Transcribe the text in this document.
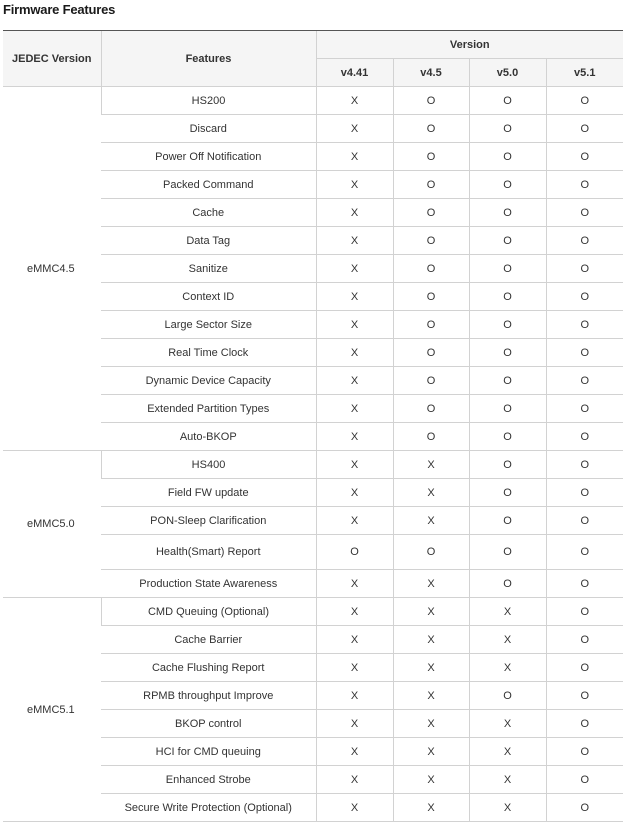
Firmware Features
JEDEC Version	Features	Version			
		v4.41	v4.5	v5.0	v5.1
eMMC4.5	HS200	X	O	O	O
	Discard	X	O	O	O
	Power Off Notification	X	O	O	O
	Packed Command	X	O	O	O
	Cache	X	O	O	O
	Data Tag	X	O	O	O
	Sanitize	X	O	O	O
	Context ID	X	O	O	O
	Large Sector Size	X	O	O	O
	Real Time Clock	X	O	O	O
	Dynamic Device Capacity	X	O	O	O
	Extended Partition Types	X	O	O	O
	Auto-BKOP	X	O	O	O
eMMC5.0	HS400	X	X	O	O
	Field FW update	X	X	O	O
	PON-Sleep Clarification	X	X	O	O
	Health(Smart) Report	O	O	O	O
	Production State Awareness	X	X	O	O
eMMC5.1	CMD Queuing (Optional)	X	X	X	O
	Cache Barrier	X	X	X	O
	Cache Flushing Report	X	X	X	O
	RPMB throughput Improve	X	X	O	O
	BKOP control	X	X	X	O
	HCI for CMD queuing	X	X	X	O
	Enhanced Strobe	X	X	X	O
	Secure Write Protection (Optional)	X	X	X	O
